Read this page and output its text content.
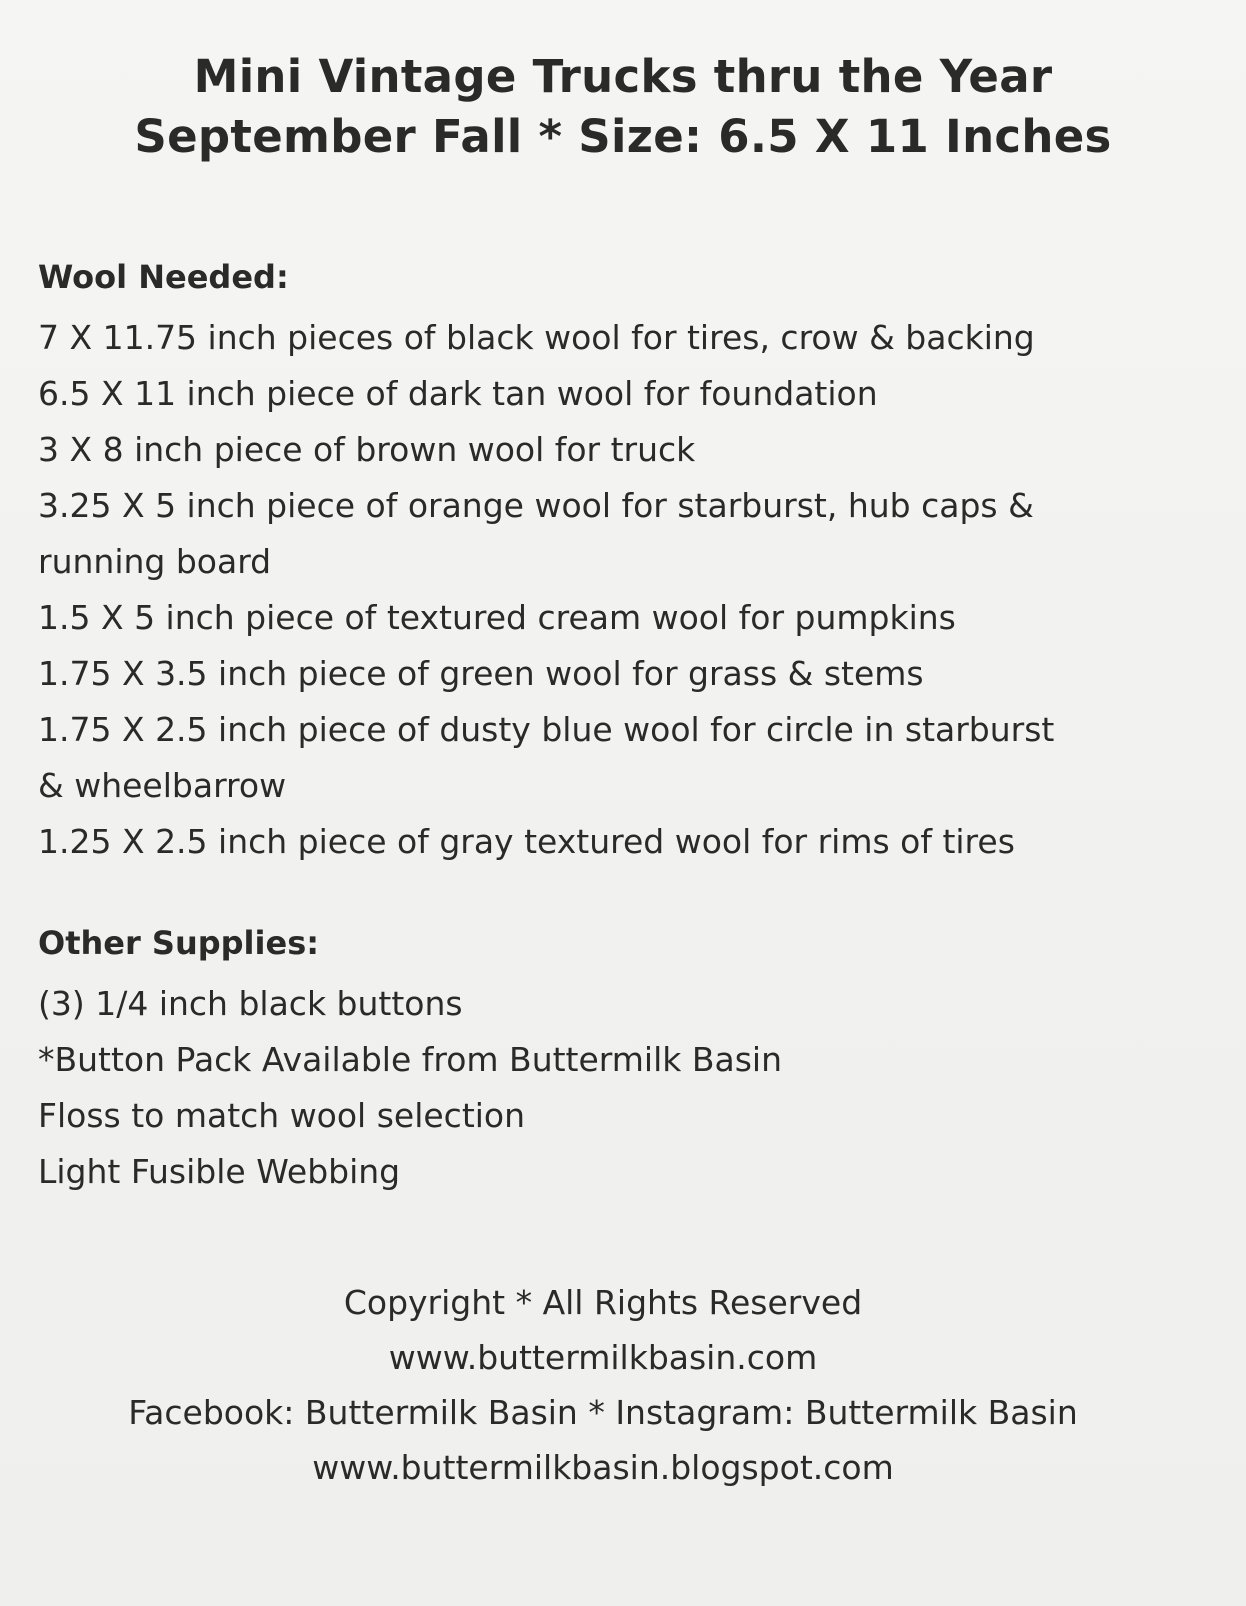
Mini Vintage Trucks thru the Year
September Fall * Size: 6.5 X 11 Inches
Wool Needed:
7 X 11.75 inch pieces of black wool for tires, crow & backing
6.5 X 11 inch piece of dark tan wool for foundation
3 X 8 inch piece of brown wool for truck
3.25 X 5 inch piece of orange wool for starburst, hub caps &
running board
1.5 X 5 inch piece of textured cream wool for pumpkins
1.75 X 3.5 inch piece of green wool for grass & stems
1.75 X 2.5 inch piece of dusty blue wool for circle in starburst
& wheelbarrow
1.25 X 2.5 inch piece of gray textured wool for rims of tires
Other Supplies:
(3) 1/4 inch black buttons
*Button Pack Available from Buttermilk Basin
Floss to match wool selection
Light Fusible Webbing
Copyright * All Rights Reserved
www.buttermilkbasin.com
Facebook: Buttermilk Basin * Instagram: Buttermilk Basin
www.buttermilkbasin.blogspot.com
